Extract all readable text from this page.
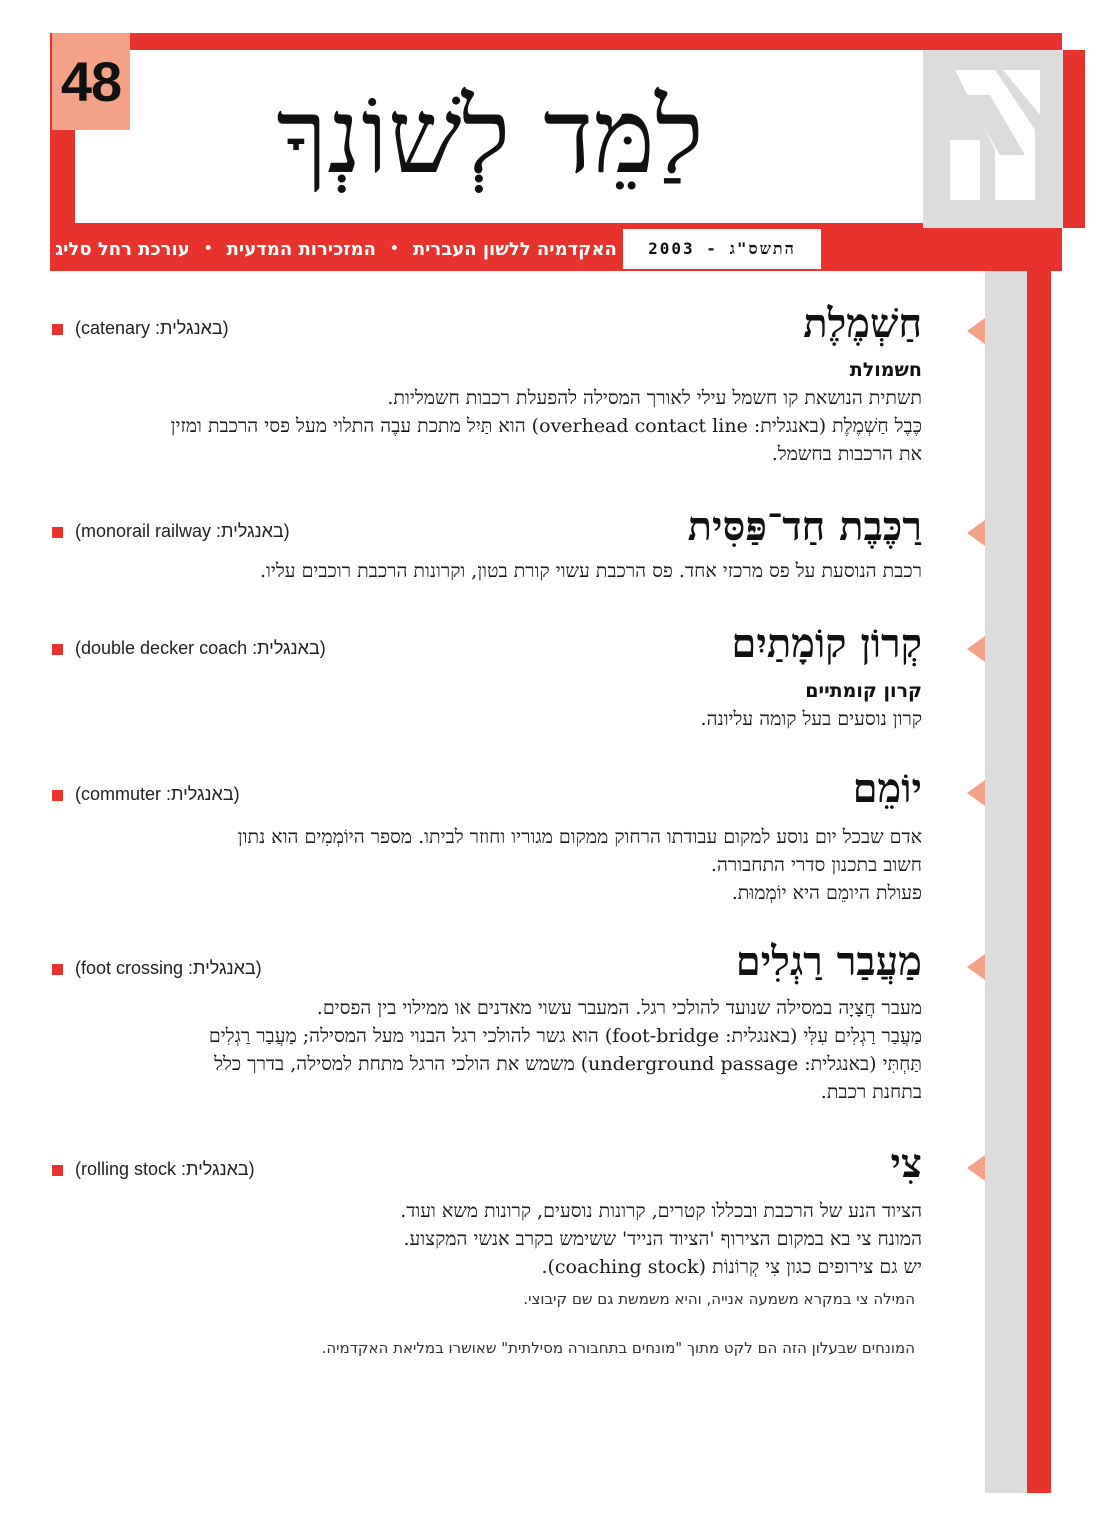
48	לַמֵּד לְשׁוֹנְךָ
האקדמיה ללשון העברית
•
המזכירות המדעית
•
עורכת רחל סליג	התשס"ג - 2003
חַשְׁמֶלֶת
(catenary :באנגלית)
חשמולת
תשתית הנושאת קו חשמל עילי לאורך המסילה להפעלת רכבות חשמליות.
כֶּבֶל חַשְׁמֶלֶת (באנגלית: overhead contact line) הוא תַּיִל מתכת עבֶה התלוי מעל פסי הרכבת ומזין
את הרכבות בחשמל.
רַכֶּבֶת חַד־פַּסִּית
(monorail railway :באנגלית)
רכבת הנוסעת על פס מרכזי אחד. פס הרכבת עשוי קורת בטון, וקרונות הרכבת רוכבים עליו.
קְרוֹן קוֹמָתַיִם
(double decker coach :באנגלית)
קרון קומתיים
קרון נוסעים בעל קומה עליונה.
יוֹמֵם
(commuter :באנגלית)
אדם שבכל יום נוסע למקום עבודתו הרחוק ממקום מגוריו וחוזר לביתו. מספר היוֹמְמִים הוא נתון
חשוב בתכנון סדרי התחבורה.
פעולת היומֵם היא יוֹמְמוּת.
מַעֲבַר רַגְלִים
(foot crossing :באנגלית)
מעבר חֲצָיָה במסילה שנועד להולכי רגל. המעבר עשוי מאדנים או ממילוי בין הפסים.
מַעֲבַר רַגְלִים עִלִּי (באנגלית: foot-bridge) הוא גשר להולכי רגל הבנוי מעל המסילה; מַעֲבַר רַגְלִים
תַּחְתִּי (באנגלית: underground passage) משמש את הולכי הרגל מתחת למסילה, בדרך כלל
בתחנת רכבת.
צִי
(rolling stock :באנגלית)
הציוד הנע של הרכבת ובכללו קטרים, קרונות נוסעים, קרונות משא ועוד.
המונח צי בא במקום הצירוף 'הציוד הנייד' ששימש בקרב אנשי המקצוע.
יש גם צירופים כגון צִי קְרוֹנוֹת (coaching stock).
המילה צי במקרא משמעה אנייה, והיא משמשת גם שם קיבוצי.
המונחים שבעלון הזה הם לקט מתוך "מונחים בתחבורה מסילתית" שאושרו במליאת האקדמיה.
